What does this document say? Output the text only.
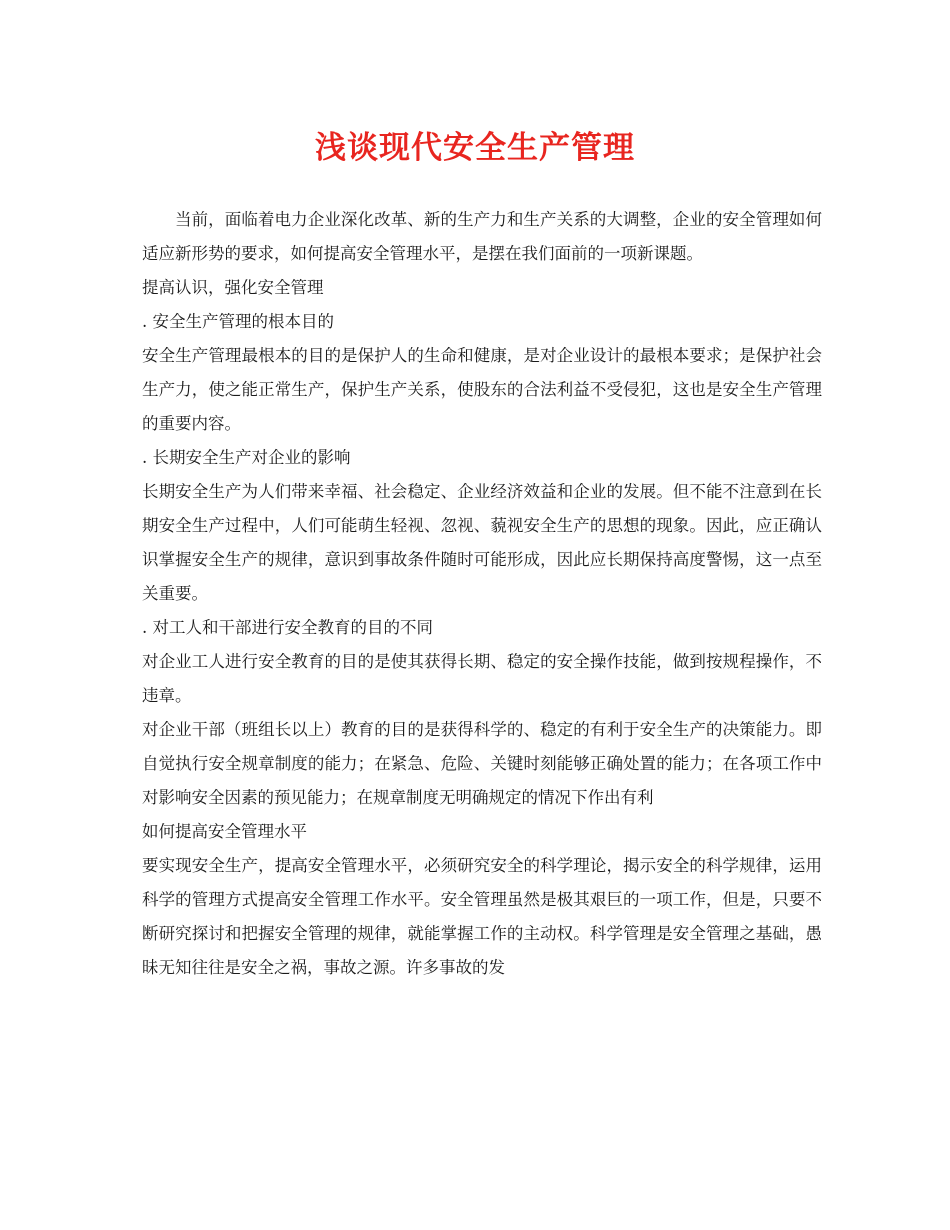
浅谈现代安全生产管理

当前，面临着电力企业深化改革、新的生产力和生产关系的大调整，企业的安全管理如何适应新形势的要求，如何提高安全管理水平，是摆在我们面前的一项新课题。

提高认识，强化安全管理

. 安全生产管理的根本目的

安全生产管理最根本的目的是保护人的生命和健康，是对企业设计的最根本要求；是保护社会生产力，使之能正常生产，保护生产关系，使股东的合法利益不受侵犯，这也是安全生产管理的重要内容。

. 长期安全生产对企业的影响

长期安全生产为人们带来幸福、社会稳定、企业经济效益和企业的发展。但不能不注意到在长期安全生产过程中，人们可能萌生轻视、忽视、藐视安全生产的思想的现象。因此，应正确认识掌握安全生产的规律，意识到事故条件随时可能形成，因此应长期保持高度警惕，这一点至关重要。

. 对工人和干部进行安全教育的目的不同

对企业工人进行安全教育的目的是使其获得长期、稳定的安全操作技能，做到按规程操作，不违章。

对企业干部（班组长以上）教育的目的是获得科学的、稳定的有利于安全生产的决策能力。即自觉执行安全规章制度的能力；在紧急、危险、关键时刻能够正确处置的能力；在各项工作中对影响安全因素的预见能力；在规章制度无明确规定的情况下作出有利

如何提高安全管理水平

要实现安全生产，提高安全管理水平，必须研究安全的科学理论，揭示安全的科学规律，运用科学的管理方式提高安全管理工作水平。安全管理虽然是极其艰巨的一项工作，但是，只要不断研究探讨和把握安全管理的规律，就能掌握工作的主动权。科学管理是安全管理之基础，愚昧无知往往是安全之祸，事故之源。许多事故的发
